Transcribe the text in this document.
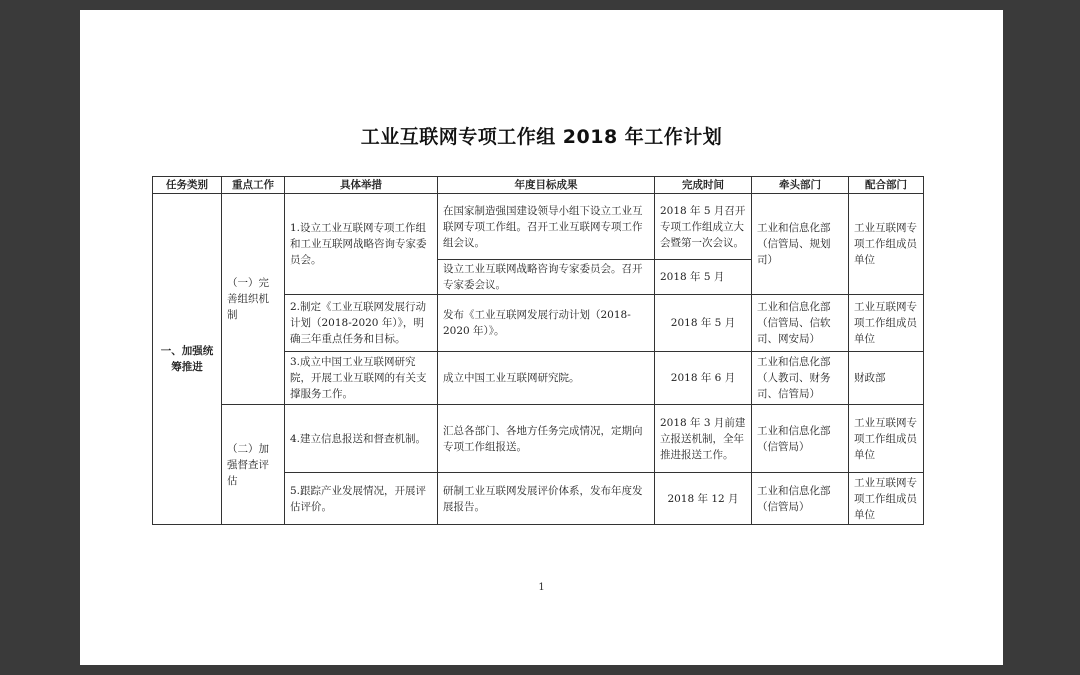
工业互联网专项工作组 2018 年工作计划
任务类别	重点工作	具体举措	年度目标成果	完成时间	牵头部门	配合部门
一、加强统筹推进	（一）完善组织机制	1.设立工业互联网专项工作组和工业互联网战略咨询专家委员会。	在国家制造强国建设领导小组下设立工业互联网专项工作组。召开工业互联网专项工作组会议。	2018 年 5 月召开专项工作组成立大会暨第一次会议。	工业和信息化部（信管局、规划司）	工业互联网专项工作组成员单位
			设立工业互联网战略咨询专家委员会。召开专家委会议。	2018 年 5 月		
		2.制定《工业互联网发展行动计划（2018-2020 年）》，明确三年重点任务和目标。	发布《工业互联网发展行动计划（2018-2020 年）》。	2018 年 5 月	工业和信息化部（信管局、信软司、网安局）	工业互联网专项工作组成员单位
		3.成立中国工业互联网研究院，开展工业互联网的有关支撑服务工作。	成立中国工业互联网研究院。	2018 年 6 月	工业和信息化部（人教司、财务司、信管局）	财政部
	（二）加强督查评估	4.建立信息报送和督查机制。	汇总各部门、各地方任务完成情况，定期向专项工作组报送。	2018 年 3 月前建立报送机制，全年推进报送工作。	工业和信息化部（信管局）	工业互联网专项工作组成员单位
		5.跟踪产业发展情况，开展评估评价。	研制工业互联网发展评价体系，发布年度发展报告。	2018 年 12 月	工业和信息化部（信管局）	工业互联网专项工作组成员单位
1
